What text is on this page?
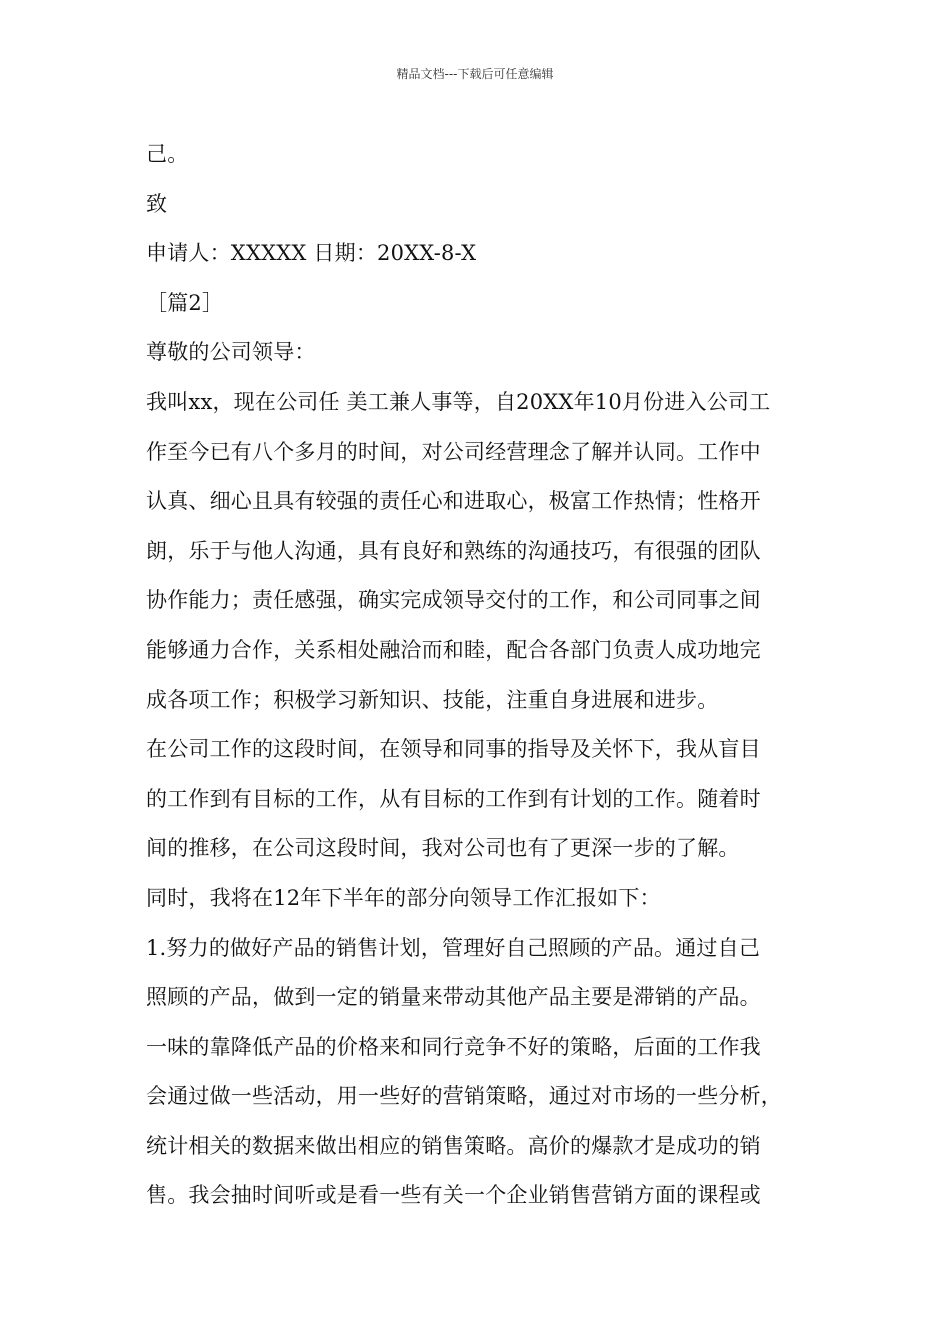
精品文档---下载后可任意编辑

己。

致

申请人：XXXXX 日期：20XX-8-X

［篇2］

尊敬的公司领导：

我叫xx，现在公司任 美工兼人事等，自20XX年10月份进入公司工

作至今已有八个多月的时间，对公司经营理念了解并认同。工作中

认真、细心且具有较强的责任心和进取心，极富工作热情；性格开

朗，乐于与他人沟通，具有良好和熟练的沟通技巧，有很强的团队

协作能力；责任感强，确实完成领导交付的工作，和公司同事之间

能够通力合作，关系相处融洽而和睦，配合各部门负责人成功地完

成各项工作；积极学习新知识、技能，注重自身进展和进步。

在公司工作的这段时间，在领导和同事的指导及关怀下，我从盲目

的工作到有目标的工作，从有目标的工作到有计划的工作。随着时

间的推移，在公司这段时间，我对公司也有了更深一步的了解。

同时，我将在12年下半年的部分向领导工作汇报如下：

1.努力的做好产品的销售计划，管理好自己照顾的产品。通过自己

照顾的产品，做到一定的销量来带动其他产品主要是滞销的产品。

一味的靠降低产品的价格来和同行竞争不好的策略，后面的工作我

会通过做一些活动，用一些好的营销策略，通过对市场的一些分析，

统计相关的数据来做出相应的销售策略。高价的爆款才是成功的销

售。我会抽时间听或是看一些有关一个企业销售营销方面的课程或
